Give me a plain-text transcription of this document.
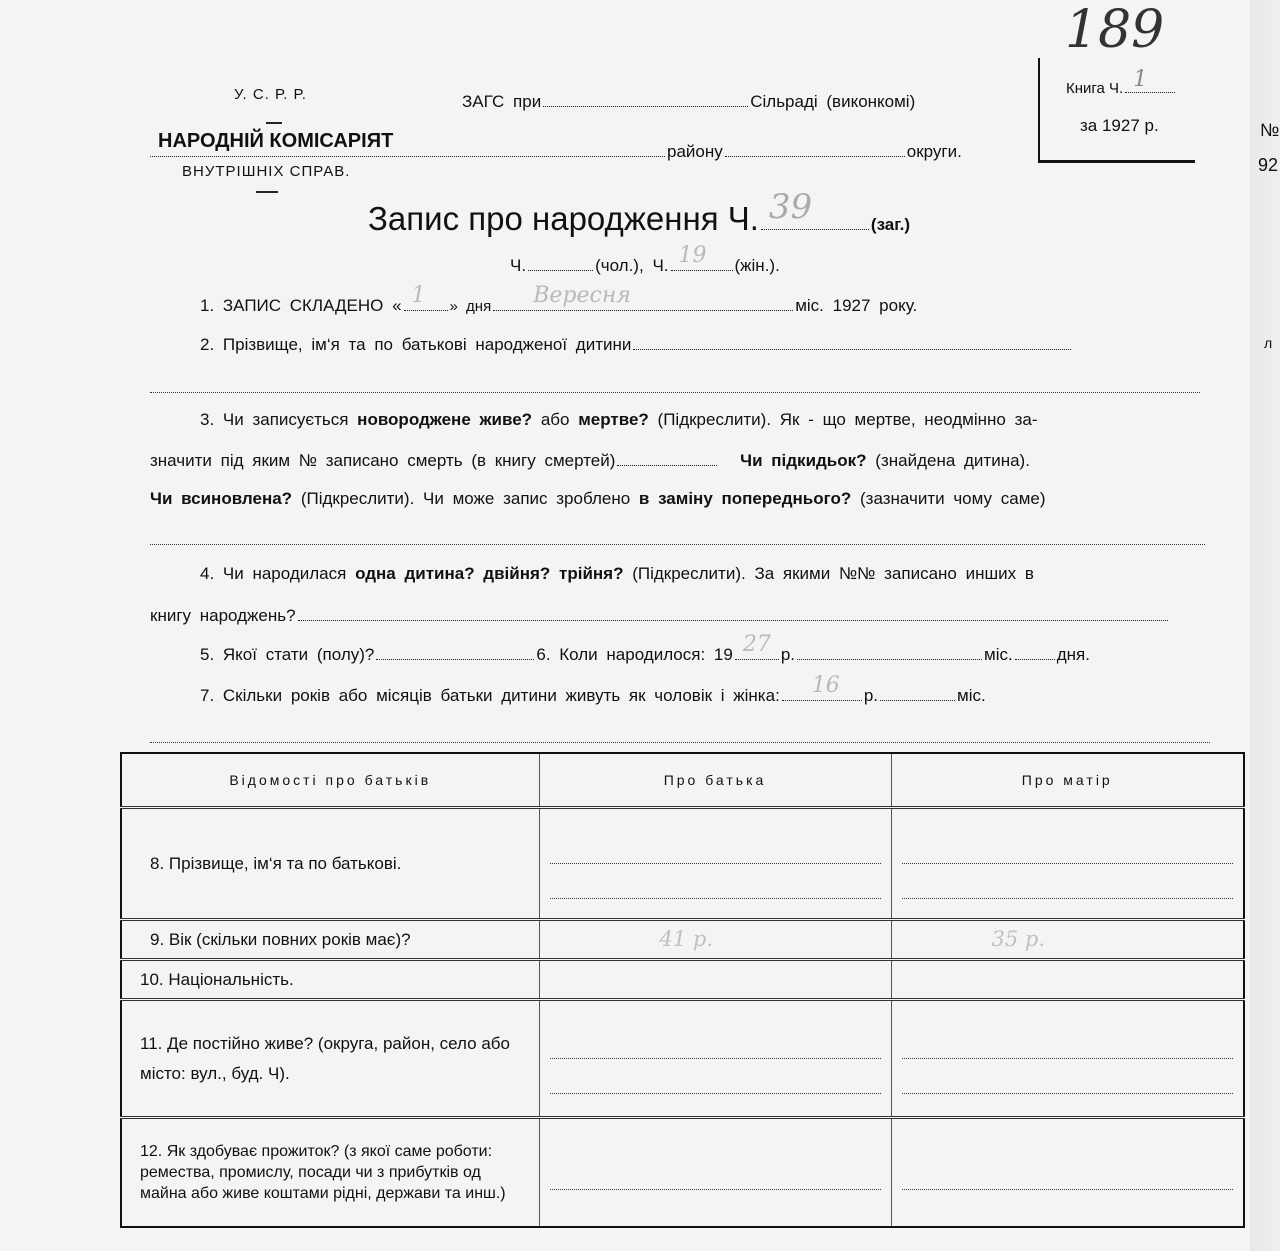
189
У. С. Р. Р.
НАРОДНІЙ КОМІСАРІЯТ
ВНУТРІШНІХ СПРАВ.
ЗАГС при	Сільраді (виконкомі)
району	округи.
Книга Ч. 1
за 1927 р.	№
92
л
Запис про народження Ч. 39	(заг.)
Ч.	(чол.), Ч. 19 (жін.).
1. ЗАПИС СКЛАДЕНО « 1 » дня Вересня	міс. 1927 року.
2. Прізвище, ім‘я та по батькові народженої дитини
3. Чи записується новороджене живе? або мертве? (Підкреслити). Як - що мертве, неодмінно за-
значити під яким № записано смерть (в книгу смертей)	Чи підкидьок? (знайдена дитина).
Чи всиновлена? (Підкреслити). Чи може запис зроблено в заміну попереднього? (зазначити чому саме)
4. Чи народилася одна дитина? двійня? трійня? (Підкреслити). За якими №№ записано инших в
книгу народжень?
5. Якої стати (полу)?	6. Коли народилося: 19 27 р.	міс.	дня.
7. Скільки років або місяців батьки дитини живуть як чоловік і жінка: 16 р.	міс.
Відомості про батьків	Про батька	Про матір
8. Прізвище, ім‘я та по батькові.	

9. Вік (скільки повних років має)?	41 р.	35 р.

10. Національність.		
11. Де постійно живе? (округа, район, село або місто: вул., буд. Ч).	

12. Як здобуває прожиток? (з якої саме роботи: ремества, промислу, посади чи з прибутків од майна або живе коштами рідні, держави та инш.)	
